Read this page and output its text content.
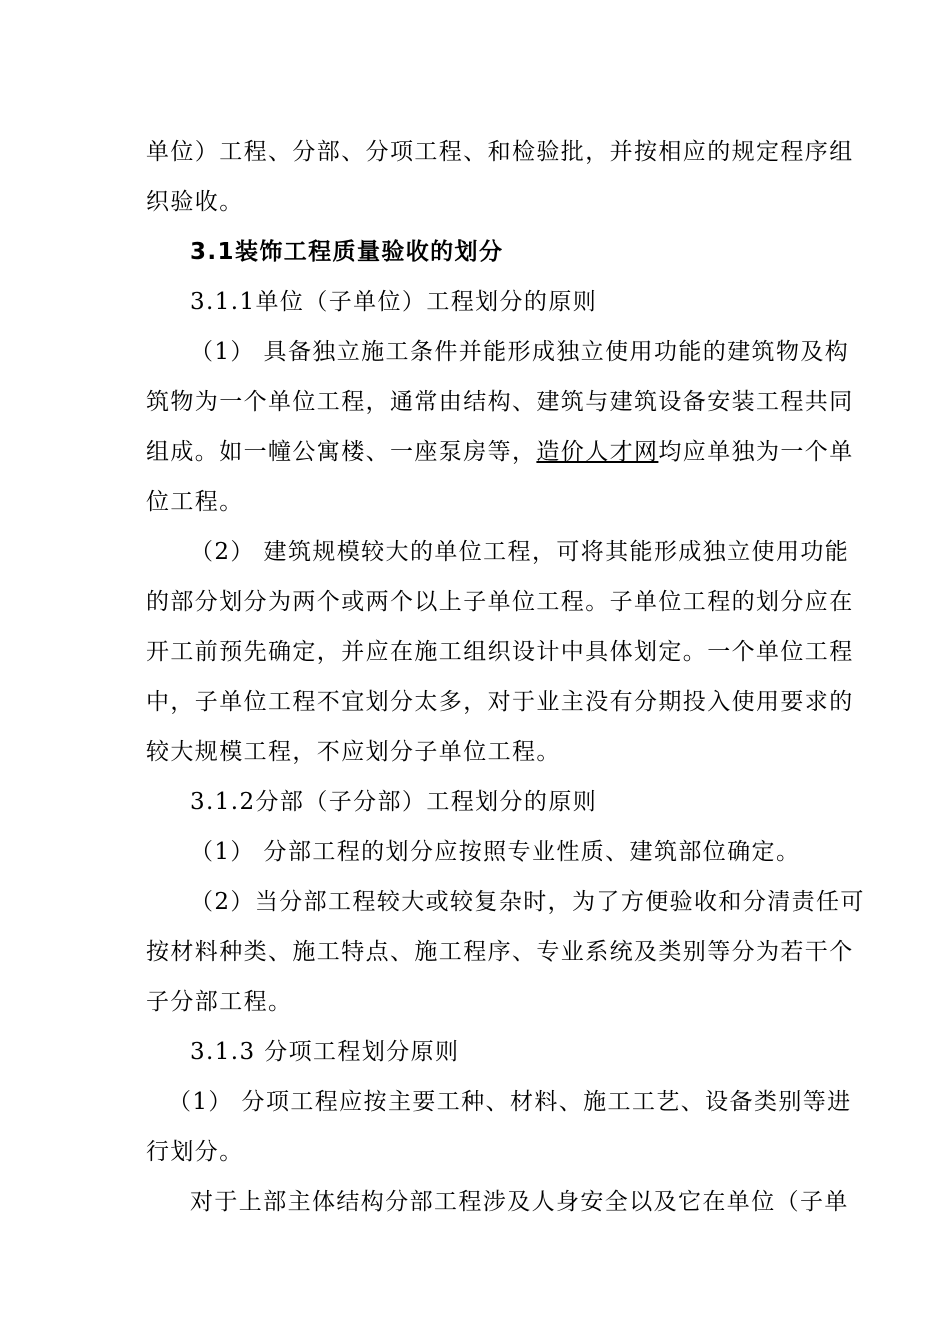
单位）工程、分部、分项工程、和检验批，并按相应的规定程序组
织验收。
3.1装饰工程质量验收的划分
3.1.1单位（子单位）工程划分的原则
（1） 具备独立施工条件并能形成独立使用功能的建筑物及构
筑物为一个单位工程，通常由结构、建筑与建筑设备安装工程共同
组成。如一幢公寓楼、一座泵房等，造价人才网均应单独为一个单
位工程。
（2） 建筑规模较大的单位工程，可将其能形成独立使用功能
的部分划分为两个或两个以上子单位工程。子单位工程的划分应在
开工前预先确定，并应在施工组织设计中具体划定。一个单位工程
中，子单位工程不宜划分太多，对于业主没有分期投入使用要求的
较大规模工程，不应划分子单位工程。
3.1.2分部（子分部）工程划分的原则
（1） 分部工程的划分应按照专业性质、建筑部位确定。
（2）当分部工程较大或较复杂时，为了方便验收和分清责任可
按材料种类、施工特点、施工程序、专业系统及类别等分为若干个
子分部工程。
3.1.3 分项工程划分原则
（1） 分项工程应按主要工种、材料、施工工艺、设备类别等进
行划分。
对于上部主体结构分部工程涉及人身安全以及它在单位（子单
